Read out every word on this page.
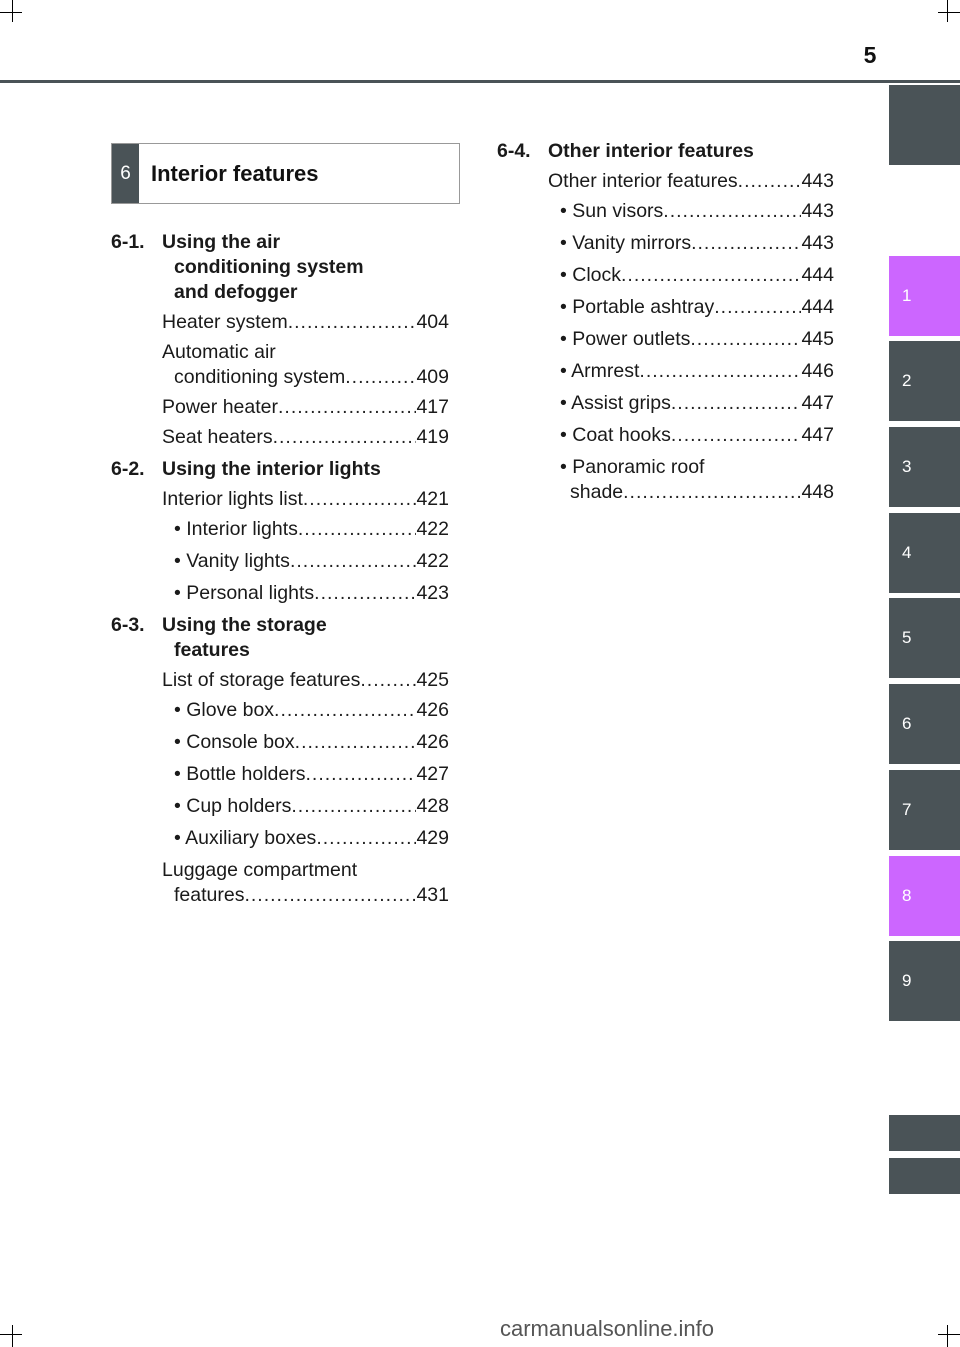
5
1
2
3
4
5
6
7
8
9
6 Interior features
6-1. Using the air
conditioning system
and defogger
Heater system .....	404
Automatic air
conditioning system .....	409
Power heater .....	417
Seat heaters .....	419
6-2. Using the interior lights
Interior lights list .....	421
• Interior lights .....	422
• Vanity lights .....	422
• Personal lights .....	423
6-3. Using the storage
features
List of storage features .....	425
• Glove box .....	426
• Console box .....	426
• Bottle holders .....	427
• Cup holders .....	428
• Auxiliary boxes .....	429
Luggage compartment
features .....	431
6-4. Other interior features
Other interior features .....	443
• Sun visors .....	443
• Vanity mirrors .....	443
• Clock .....	444
• Portable ashtray .....	444
• Power outlets .....	445
• Armrest .....	446
• Assist grips .....	447
• Coat hooks .....	447
• Panoramic roof
shade .....	448
carmanualsonline.info
